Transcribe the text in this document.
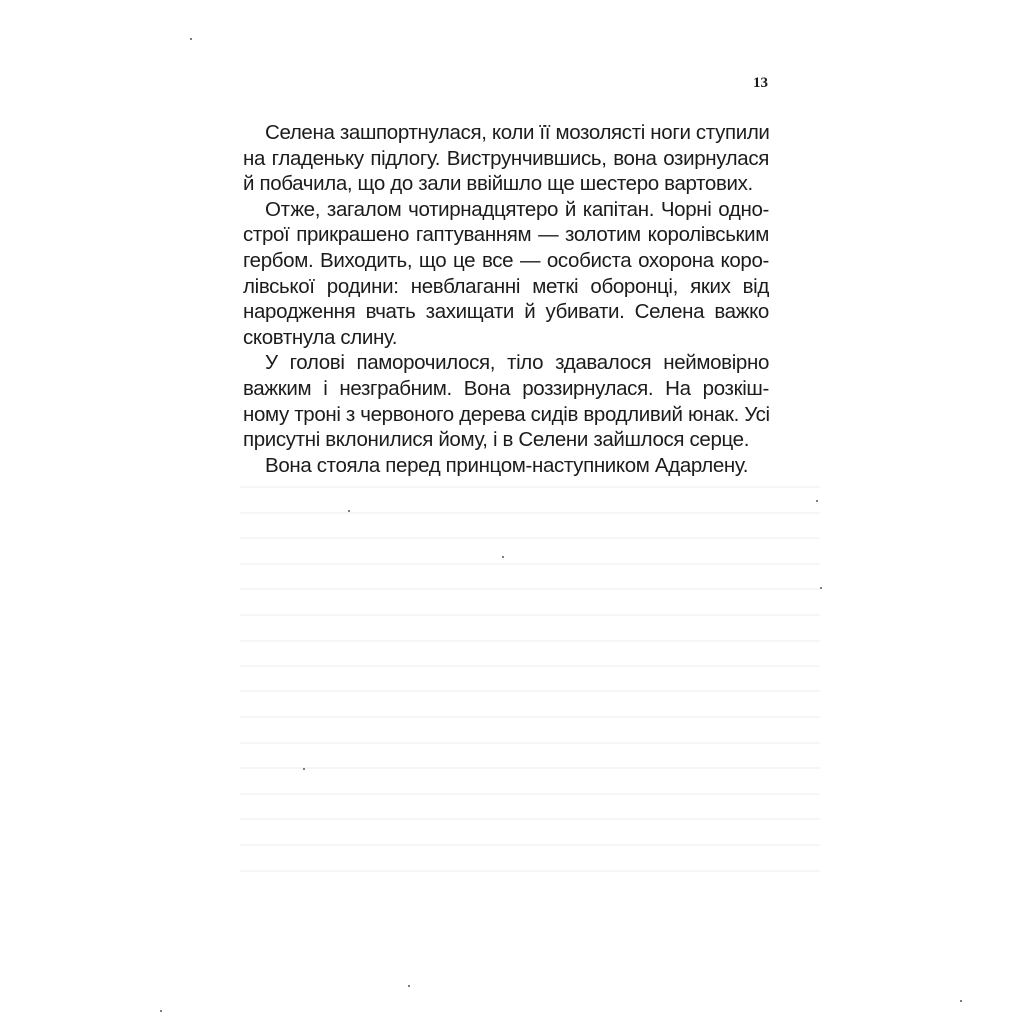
13
Селена зашпортнулася, коли її мозолясті ноги ступили
на гладеньку підлогу. Виструнчившись, вона озирнулася
й побачила, що до зали ввійшло ще шестеро вартових.
Отже, загалом чотирнадцятеро й капітан. Чорні одно-
строї прикрашено гаптуванням — золотим королівським
гербом. Виходить, що це все — особиста охорона коро-
лівської родини: невблаганні меткі оборонці, яких від
народження вчать захищати й убивати. Селена важко
сковтнула слину.
У голові паморочилося, тіло здавалося неймовірно
важким і незграбним. Вона роззирнулася. На розкіш-
ному троні з червоного дерева сидів вродливий юнак. Усі
присутні вклонилися йому, і в Селени зайшлося серце.
Вона стояла перед принцом-наступником Адарлену.
